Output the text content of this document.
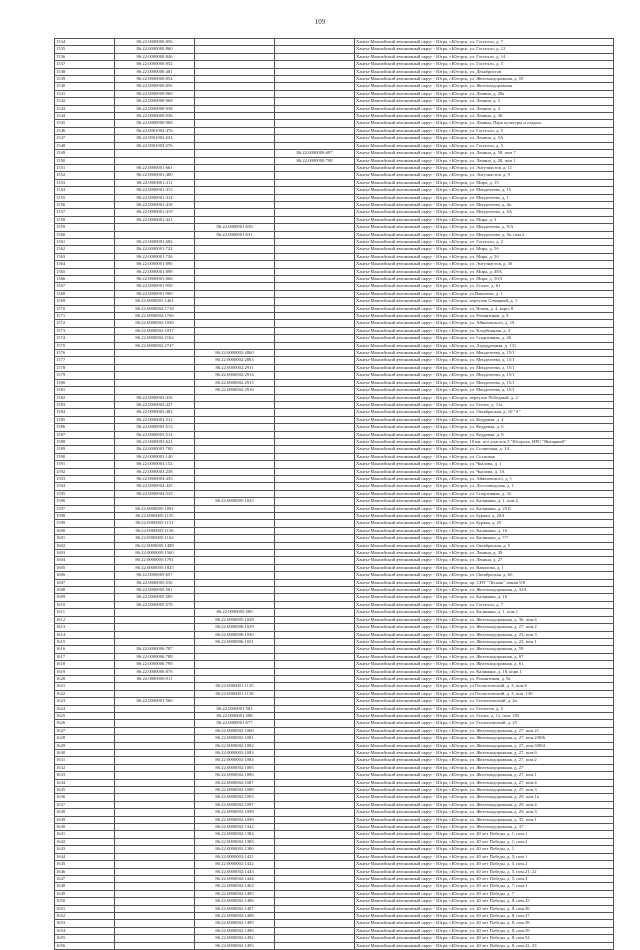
109
1534	86:22:0000000:856			Ханты-Мансийский автономный округ - Югра, г.Югорск, ул. Гастелло, д. 7
1535	86:22:0000000:860			Ханты-Мансийский автономный округ - Югра, г.Югорск, ул. Гастелло, д. 12
1536	86:22:0000000:846			Ханты-Мансийский автономный округ - Югра, г.Югорск, ул. Гастелло, д. 14
1537	86:22:0000000:852			Ханты-Мансийский автономный округ - Югра, г.Югорск, ул. Гастелло, д. 5
1538	86:22:0000000:481			Ханты-Мансийский автономный округ - Югра, г.Югорск, ул. Декабристов
1539	86:22:0000000:854			Ханты-Мансийский автономный округ - Югра, г.Югорск, ул. Железнодорожная, д. 59
1540	86:22:0000000:856			Ханты-Мансийский автономный округ - Югра, г.Югорск, ул. Железнодорожная
1541	86:22:0000000:960			Ханты-Мансийский автономный округ - Югра, г.Югорск, ул. Ленина, д. 28а
1542	86:22:0000000:968			Ханты-Мансийский автономный округ - Югра, г.Югорск, ул. Ленина, д. 5
1543	86:22:0000000:938			Ханты-Мансийский автономный округ - Югра, г.Югорск, ул. Ленина, д. 3
1544	86:22:0000000:936			Ханты-Мансийский автономный округ - Югра, г.Югорск, ул. Ленина, д. 30
1545	86:22:0000000:968			Ханты-Мансийский автономный округ - Югра, г.Югорск, ул. Ленина, Парк культуры и отдыха
1546	86:22:0001002:476			Ханты-Мансийский автономный округ - Югра, г.Югорск, ул. Гастелло, д. 5
1547	86:22:0001002:634			Ханты-Мансийский автономный округ - Югра, г.Югорск, ул. Ленина, д. 5А
1548	86:22:0001003:276			Ханты-Мансийский автономный округ - Югра, г.Югорск, ул. Гастелло, д. 5
1549			86:22:0000000:697	Ханты-Мансийский автономный округ - Югра, г.Югорск, ул. Ленина, д. 58, пом.7
1550			86:22:0000000:708	Ханты-Мансийский автономный округ - Югра, г.Югорск, ул. Ленина, д. 28, пом.1
1551	86:22:0000001:661			Ханты-Мансийский автономный округ - Югра, г.Югорск, ул. Энтузиастов, д. 11
1552	86:22:0000001:480			Ханты-Мансийский автономный округ - Югра, г.Югорск, ул. Энтузиастов, д. 9
1553	86:22:0000001:411			Ханты-Мансийский автономный округ - Югра, г.Югорск, ул. Мира, д. 15
1554	86:22:0000001:413			Ханты-Мансийский автономный округ - Югра, г.Югорск, ул. Менделеева, д. 15
1555	86:22:0000001:414			Ханты-Мансийский автономный округ - Югра, г.Югорск, ул. Менделеева, д. 1
1556	86:22:0000001:418			Ханты-Мансийский автономный округ - Югра, г.Югорск, ул. Менделеева, д. 4а
1557	86:22:0000001:419			Ханты-Мансийский автономный округ - Югра, г.Югорск, ул. Менделеева, д. 6А
1558	86:22:0000001:421			Ханты-Мансийский автономный округ - Югра, г.Югорск, ул. Мира, д. 3
1559		86:22:0000001:630		Ханты-Мансийский автономный округ - Югра, г.Югорск, ул. Менделеева, д. 9/А
1560		86:22:0000001:631		Ханты-Мансийский автономный округ - Югра, г.Югорск, ул. Менделеева, д. 9а, пом.2
1561	86:22:0000001:682			Ханты-Мансийский автономный округ - Югра, г.Югорск, ул. Гастелло, д. 2
1562	86:22:0000001:722			Ханты-Мансийский автономный округ - Югра, г.Югорск, ул. Мира, д. 5б
1563	86:22:0000001:736			Ханты-Мансийский автономный округ - Югра, г.Югорск, ул. Мира, д. 5б
1564	86:22:0000001:896			Ханты-Мансийский автономный округ - Югра, г.Югорск, ул. Энтузиастов, д. 3б
1565	86:22:0000001:898			Ханты-Мансийский автономный округ - Югра, г.Югорск, ул. Мира, д. 48А
1566	86:22:0000001:866			Ханты-Мансийский автономный округ - Югра, г.Югорск, ул. Мира, д. 50/3
1567	86:22:0000001:950			Ханты-Мансийский автономный округ - Югра, г.Югорск, ул. Геолог, д. 61
1568	86:22:0000001:980			Ханты-Мансийский автономный округ - Югра, г.Югорск, ул.Вавилова, д. 1
1569	86:22:0000001:1461			Ханты-Мансийский автономный округ - Югра, г.Югорск, переулок Северный, д. 1
1570	86:22:0000002:1718			Ханты-Мансийский автономный округ - Югра, г.Югорск, ул. Новая, д. 4, корп. 8
1571	86:22:0000002:1766			Ханты-Мансийский автономный округ - Югра, г.Югорск, ул. Романтиков, д. 9
1572	86:22:0000002:1836			Ханты-Мансийский автономный округ - Югра, г.Югорск, ул. Айвазовского, д. 19
1573	86:22:0000002:1837			Ханты-Мансийский автономный округ - Югра, г.Югорск, ул. Кладбищная, д. 3
1574	86:22:0000002:2162			Ханты-Мансийский автономный округ - Югра, г.Югорск, ул. Спортивная, д. 26
1575	86:22:0000002:2747			Ханты-Мансийский автономный округ - Югра, г.Югорск, ул. Аэродромная, д. 131
1576		86:22:0000002:2860		Ханты-Мансийский автономный округ - Югра, г.Югорск, ул. Менделеева, д. 15/1
1577		86:22:0000002:2863		Ханты-Мансийский автономный округ - Югра, г.Югорск, ул. Менделеева, д. 15/1
1578		86:22:0000002:2911		Ханты-Мансийский автономный округ - Югра, г.Югорск, ул. Менделеева, д. 15/1
1579		86:22:0000002:2914		Ханты-Мансийский автономный округ - Югра, г.Югорск, ул. Менделеева, д. 15/1
1580		86:22:0000002:2915		Ханты-Мансийский автономный округ - Югра, г.Югорск, ул. Менделеева, д. 15/1
1581		86:22:0000002:2916		Ханты-Мансийский автономный округ - Югра, г.Югорск, ул. Менделеева, д. 15/1
1582	86:22:0000003:416			Ханты-Мансийский автономный округ - Югра, г.Югорск, переулок Победный, д. 2
1583	86:22:0000003:427			Ханты-Мансийский автономный округ - Югра, г.Югорск, ул. Геолог, д. 11а
1584	86:22:0000003:482			Ханты-Мансийский автономный округ - Югра, г.Югорск, ул. Октябрьская, д. 10 "А"
1585	86:22:0000003:512			Ханты-Мансийский автономный округ - Югра, г.Югорск, ул. Кедровая, д. 4
1586	86:22:0000003:513			Ханты-Мансийский автономный округ - Югра, г.Югорск, ул. Кедровая, д. 6
1587	86:22:0000003:514			Ханты-Мансийский автономный округ - Югра, г.Югорск, ул. Кедровая, д. 8
1588	86:22:0000003:621			Ханты-Мансийский автономный округ - Югра, г.Югорск, 10 км. пос.участок 3 "Югорска, НРС "Янтарный"
1589	86:22:0000003:700			Ханты-Мансийский автономный округ - Югра, г.Югорск, ул. Солнечная, д. 1А
1590	86:22:0000003:140			Ханты-Мансийский автономный округ - Югра, г.Югорск, ул. Сосновая
1591	86:22:0000003:152			Ханты-Мансийский автономный округ - Югра, г.Югорск, ул. Чкалова, д. 1
1592	86:22:0000003:238			Ханты-Мансийский автономный округ - Югра, г.Югорск, ул. Чкалова, д. 1А
1593	86:22:0000004:435			Ханты-Мансийский автономный округ - Югра, г.Югорск, ул. Айвазовского, д. 1
1594	86:22:0000004:445			Ханты-Мансийский автономный округ - Югра, г.Югорск, ул. Лесозаводская, д. 1
1595	86:22:0000004:535			Ханты-Мансийский автономный округ - Югра, г.Югорск, ул. Спортивная, д. 32
1596		86:22:0000005:1025		Ханты-Мансийский автономный округ - Югра, г.Югорск, ул. Калинина, д. 1, пом.2
1597	86:22:0000005:1092			Ханты-Мансийский автономный округ - Югра, г.Югорск, ул. Калинина, д. 25 Б
1598	86:22:0000005:1135			Ханты-Мансийский автономный округ - Югра, г.Югорск, ул. Буряка, д. 20А
1599	86:22:0000005:1151			Ханты-Мансийский автономный округ - Югра, г.Югорск, ул. Буряка, д. 25
1600	86:22:0000005:1156			Ханты-Мансийский автономный округ - Югра, г.Югорск, ул. Калинина, д. 16
1601	86:22:0000005:1162			Ханты-Мансийский автономный округ - Югра, г.Югорск, ул. Калинина, д. 7/7
1602	86:22:0000005:1488			Ханты-Мансийский автономный округ - Югра, г.Югорск, ул. Октябрьская, д. 5
1603	86:22:0000005:1560			Ханты-Мансийский автономный округ - Югра, г.Югорск, ул. Ленина, д. 39
1604	86:22:0000005:1791			Ханты-Мансийский автономный округ - Югра, г.Югорск, ул. Ленина, д. 27
1605	86:22:0000005:1825			Ханты-Мансийский автономный округ - Югра, г.Югорск, ул. Вавилова, д. 1
1606	86:22:0000005:657			Ханты-Мансийский автономный округ - Югра, г.Югорск, ул. Октябрьская, д. 6б
1607	86:22:0000005:536			Ханты-Мансийский автономный округ - Югра, г.Югорск, пр. СНТ "Лесник" линия 9/8
1608	86:22:0000005:581			Ханты-Мансийский автономный округ - Югра, г.Югорск, ул. Железнодорожная, д. 33А
1609	86:22:0000005:585			Ханты-Мансийский автономный округ - Югра, г.Югорск, ул. Калинина, д. 1б
1610	86:22:0000005:578			Ханты-Мансийский автономный округ - Югра, г.Югорск, ул. Гастелло, д. 7
1611		86:22:0000005:580		Ханты-Мансийский автономный округ - Югра, г.Югорск, ул. Калинина, д. 1, пом.1
1612		86:22:0000005:1028		Ханты-Мансийский автономный округ - Югра, г.Югорск, ул. Железнодорожная, д. 36, пом.4
1613		86:22:0000006:1029		Ханты-Мансийский автономный округ - Югра, г.Югорск, ул. Железнодорожная, д. 27, пом.2
1614		86:22:0000006:1030		Ханты-Мансийский автономный округ - Югра, г.Югорск, ул. Железнодорожная, д. 23, пом.3
1615		86:22:0000006:1031		Ханты-Мансийский автономный округ - Югра, г.Югорск, ул. Железнодорожная, д. 23, пом.1
1616	86:22:0000006:787			Ханты-Мансийский автономный округ - Югра, г.Югорск, ул. Железнодорожная, д. 59
1617	86:22:0000006:788			Ханты-Мансийский автономный округ - Югра, г.Югорск, ул. Железнодорожная, д. 67
1618	86:22:0000006:790			Ханты-Мансийский автономный округ - Югра, г.Югорск, ул. Железнодорожная, д. 61
1619	86:22:0000006:876			Ханты-Мансийский автономный округ - Югра, г.Югорск, ул. Калинина, д. 18, корп.1
1620	86:22:0000006:911			Ханты-Мансийский автономный округ - Югра, г.Югорск, ул. Романтиков, д. 9а
1621		86:22:0000001:1135		Ханты-Мансийский автономный округ - Югра, г.Югорск, ул.Геологический, д. 3, пом.6
1622		86:22:0000001:1138		Ханты-Мансийский автономный округ - Югра, г.Югорск, ул.Геологический, д. 3, пом. 130
1623	86:22:0000001:566			Ханты-Мансийский автономный округ - Югра, г.Югорск, ул. Геологический, д. 2а
1624		86:22:0000001:582		Ханты-Мансийский автономный округ - Югра, г.Югорск, ул. Геологов, д. 5
1625		86:22:0000001:588		Ханты-Мансийский автономный округ - Югра, г.Югорск, ул. Геолог, д. 11, пом. 185
1626		86:22:0000001:677		Ханты-Мансийский автономный округ - Югра, г.Югорск, ул. Геологический, д. 25
1627		86:22:0000002:1060		Ханты-Мансийский автономный округ - Югра, г.Югорск, ул. Железнодорожная, д. 27, пом.21
1628		86:22:0000002:1081		Ханты-Мансийский автономный округ - Югра, г.Югорск, ул. Железнодорожная, д. 27, пом.2/006
1629		86:22:0000002:1082		Ханты-Мансийский автономный округ - Югра, г.Югорск, ул. Железнодорожная, д. 27, пом.3/004
1630		86:22:0000002:1083		Ханты-Мансийский автономный округ - Югра, г.Югорск, ул. Железнодорожная, д. 27, пом.6
1631		86:22:0000002:1084		Ханты-Мансийский автономный округ - Югра, г.Югорск, ул. Железнодорожная, д. 27, пом.2
1632		86:22:0000002:1085		Ханты-Мансийский автономный округ - Югра, г.Югорск, ул. Железнодорожная, д. 27
1633		86:22:0000002:1086		Ханты-Мансийский автономный округ - Югра, г.Югорск, ул. Железнодорожная, д. 27, пом.1
1634		86:22:0000002:1087		Ханты-Мансийский автономный округ - Югра, г.Югорск, ул. Железнодорожная, д. 27, пом.4
1635		86:22:0000002:1088		Ханты-Мансийский автономный округ - Югра, г.Югорск, ул. Железнодорожная, д. 27, пом.3
1636		86:22:0000002:1093		Ханты-Мансийский автономный округ - Югра, г.Югорск, ул. Железнодорожная, д. 29, пом.1а
1637		86:22:0000002:1097		Ханты-Мансийский автономный округ - Югра, г.Югорск, ул. Железнодорожная, д. 29, пом.4
1638		86:22:0000002:1098		Ханты-Мансийский автономный округ - Югра, г.Югорск, ул. Железнодорожная, д. 29, пом.3
1639		86:22:0000002:1099		Ханты-Мансийский автономный округ - Югра, г.Югорск, ул. Железнодорожная, д. 35, пом.1
1640		86:22:0000002:1342		Ханты-Мансийский автономный округ - Югра, г.Югорск, ул. Железнодорожная, д. 37
1641		86:22:0000002:1384		Ханты-Мансийский автономный округ - Югра, г.Югорск, ул. 40 лет Победы, д. 1, пом.1
1642		86:22:0000002:1385		Ханты-Мансийский автономный округ - Югра, г.Югорск, ул. 40 лет Победы, д. 1, пом.2
1643		86:22:0000002:1386		Ханты-Мансийский автономный округ - Югра, г.Югорск, ул. 40 лет Победы, д. 1
1644		86:22:0000002:1421		Ханты-Мансийский автономный округ - Югра, г.Югорск, ул. 40 лет Победы, д. 5, пом.1
1645		86:22:0000002:1442		Ханты-Мансийский автономный округ - Югра, г.Югорск, ул. 40 лет Победы, д. 5, пом.2
1646		86:22:0000002:1443		Ханты-Мансийский автономный округ - Югра, г.Югорск, ул. 40 лет Победы, д. 5, пом.21, 22
1647		86:22:0000002:1444		Ханты-Мансийский автономный округ - Югра, г.Югорск, ул. 40 лет Победы, д. 5, пом.3
1648		86:22:0000002:1462		Ханты-Мансийский автономный округ - Югра, г.Югорск, ул. 40 лет Победы, д. 7, пом.1
1649		86:22:0000002:1485		Ханты-Мансийский автономный округ - Югра, г.Югорск, ул. 40 лет Победы, д. 7
1650		86:22:0000002:1486		Ханты-Мансийский автономный округ - Югра, г.Югорск, ул. 40 лет Победы, д. 8, пом.35
1651		86:22:0000002:1487		Ханты-Мансийский автономный округ - Югра, г.Югорск, ул. 40 лет Победы, д. 8, пом.36
1652		86:22:0000002:1488		Ханты-Мансийский автономный округ - Югра, г.Югорск, ул. 40 лет Победы, д. 8, пом.37
1653		86:22:0000002:1489		Ханты-Мансийский автономный округ - Югра, г.Югорск, ул. 40 лет Победы, д. 8, пом.38
1654		86:22:0000002:1490		Ханты-Мансийский автономный округ - Югра, г.Югорск, ул. 40 лет Победы, д. 8, пом.39
1655		86:22:0000002:1492		Ханты-Мансийский автономный округ - Югра, г.Югорск, ул. 40 лет Победы, д. 8, пом.54
1656		86:22:0000002:1493		Ханты-Мансийский автономный округ - Югра, г.Югорск, ул. 40 лет Победы, д. 8, пом.22, 23
